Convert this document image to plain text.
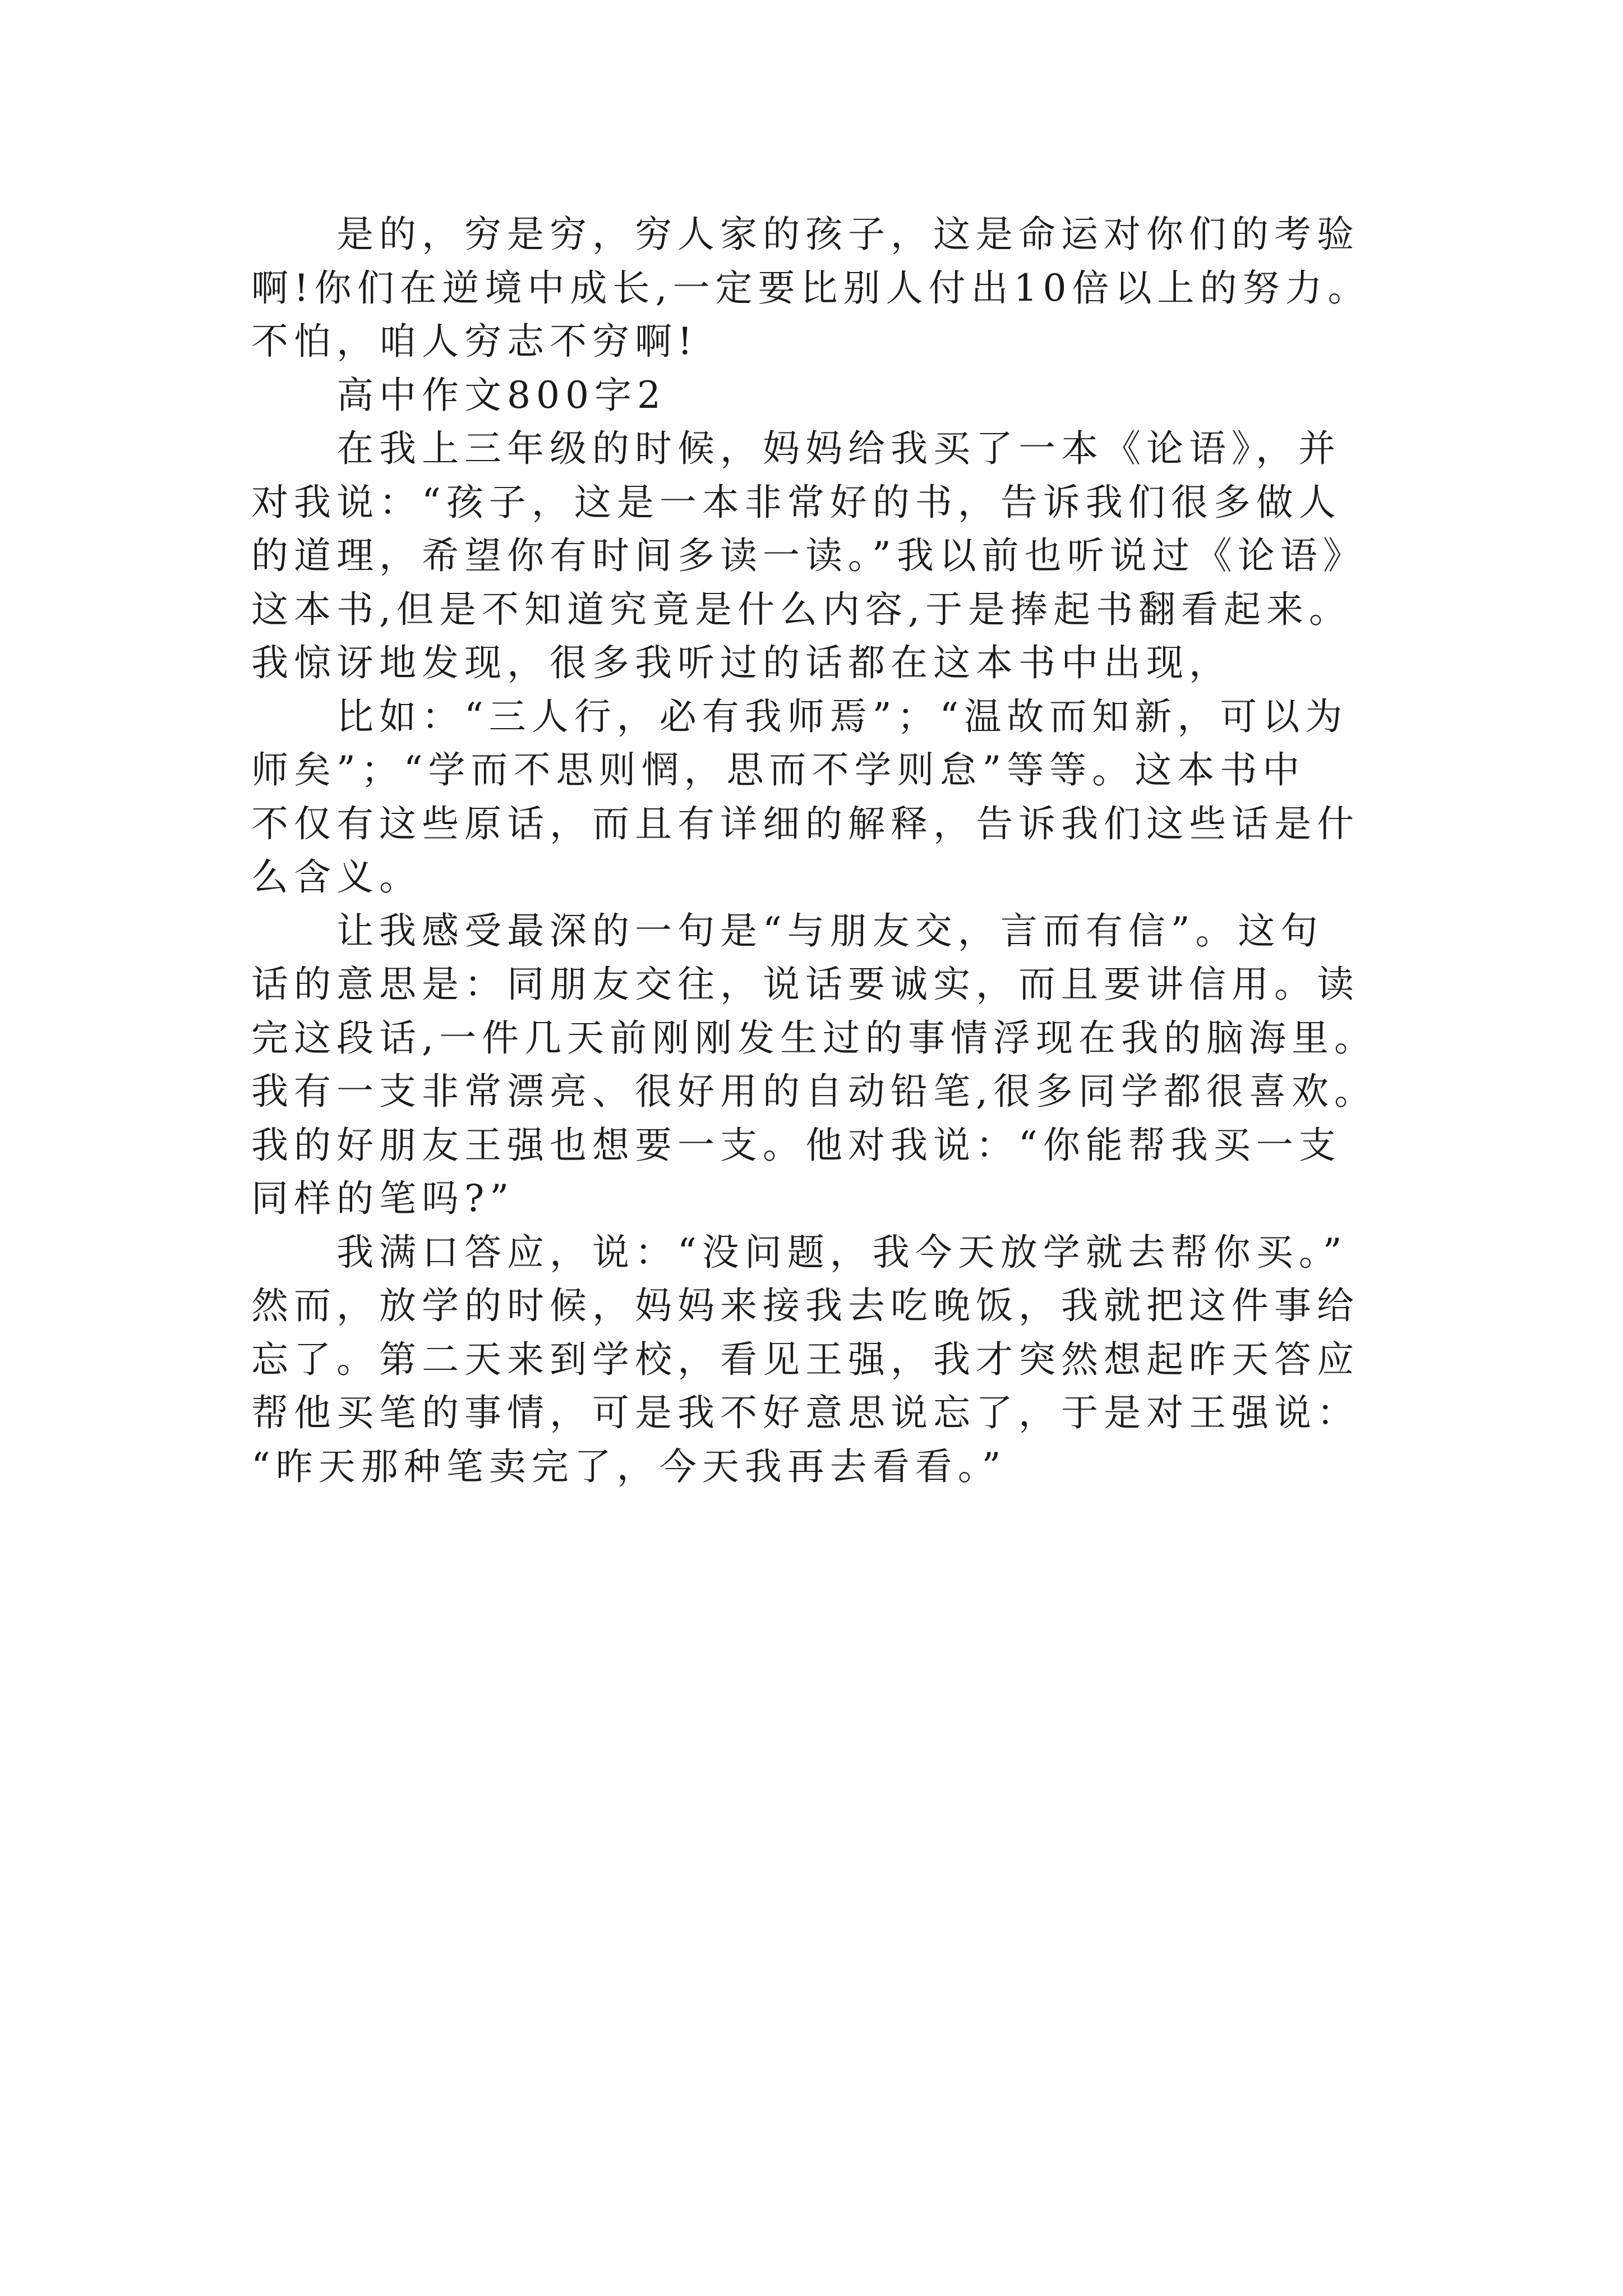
是的，穷是穷，穷人家的孩子，这是命运对你们的考验
啊!你们在逆境中成长,一定要比别人付出10倍以上的努力。
不怕，咱人穷志不穷啊!
高中作文800字2
在我上三年级的时候，妈妈给我买了一本《论语》，并
对我说：“孩子，这是一本非常好的书，告诉我们很多做人
的道理，希望你有时间多读一读。”我以前也听说过《论语》
这本书,但是不知道究竟是什么内容,于是捧起书翻看起来。
我惊讶地发现，很多我听过的话都在这本书中出现，
比如：“三人行，必有我师焉”；“温故而知新，可以为
师矣”；“学而不思则惘，思而不学则怠”等等。这本书中
不仅有这些原话，而且有详细的解释，告诉我们这些话是什
么含义。
让我感受最深的一句是“与朋友交，言而有信”。这句
话的意思是：同朋友交往，说话要诚实，而且要讲信用。读
完这段话,一件几天前刚刚发生过的事情浮现在我的脑海里。
我有一支非常漂亮、很好用的自动铅笔,很多同学都很喜欢。
我的好朋友王强也想要一支。他对我说：“你能帮我买一支
同样的笔吗?”
我满口答应，说：“没问题，我今天放学就去帮你买。”
然而，放学的时候，妈妈来接我去吃晚饭，我就把这件事给
忘了。第二天来到学校，看见王强，我才突然想起昨天答应
帮他买笔的事情，可是我不好意思说忘了，于是对王强说：
“昨天那种笔卖完了，今天我再去看看。”
